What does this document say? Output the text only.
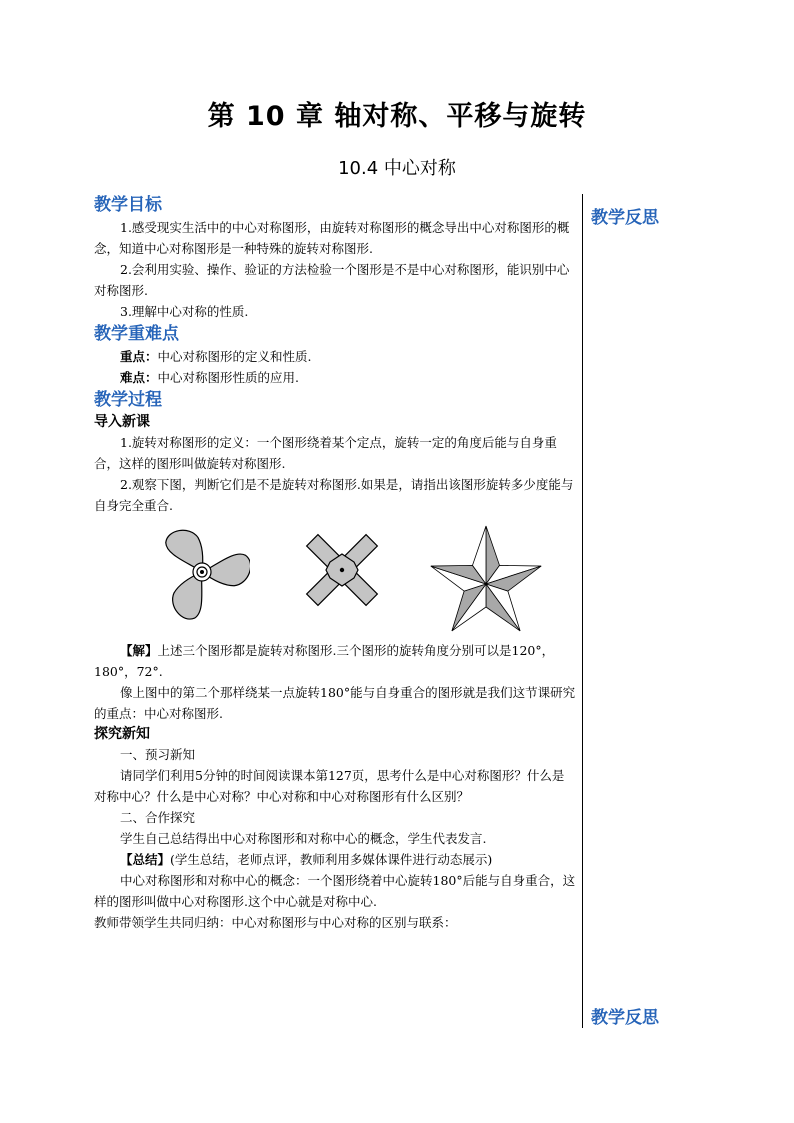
第 10 章 轴对称、平移与旋转
10.4 中心对称
教学反思
教学反思
教学目标

1.感受现实生活中的中心对称图形，由旋转对称图形的概念导出中心对称图形的概念，知道中心对称图形是一种特殊的旋转对称图形.

2.会利用实验、操作、验证的方法检验一个图形是不是中心对称图形，能识别中心对称图形.

3.理解中心对称的性质.

教学重难点

重点：中心对称图形的定义和性质.

难点：中心对称图形性质的应用.

教学过程
导入新课

1.旋转对称图形的定义：一个图形绕着某个定点，旋转一定的角度后能与自身重合，这样的图形叫做旋转对称图形.

2.观察下图，判断它们是不是旋转对称图形.如果是，请指出该图形旋转多少度能与自身完全重合.

【解】上述三个图形都是旋转对称图形.三个图形的旋转角度分别可以是120°，180°，72°.

像上图中的第二个那样绕某一点旋转180°能与自身重合的图形就是我们这节课研究的重点：中心对称图形.

探究新知

一、预习新知

请同学们利用5分钟的时间阅读课本第127页，思考什么是中心对称图形？什么是对称中心？什么是中心对称？中心对称和中心对称图形有什么区别？

二、合作探究

学生自己总结得出中心对称图形和对称中心的概念，学生代表发言.

【总结】(学生总结，老师点评，教师利用多媒体课件进行动态展示)

中心对称图形和对称中心的概念：一个图形绕着中心旋转180°后能与自身重合，这样的图形叫做中心对称图形.这个中心就是对称中心.

教师带领学生共同归纳：中心对称图形与中心对称的区别与联系：
